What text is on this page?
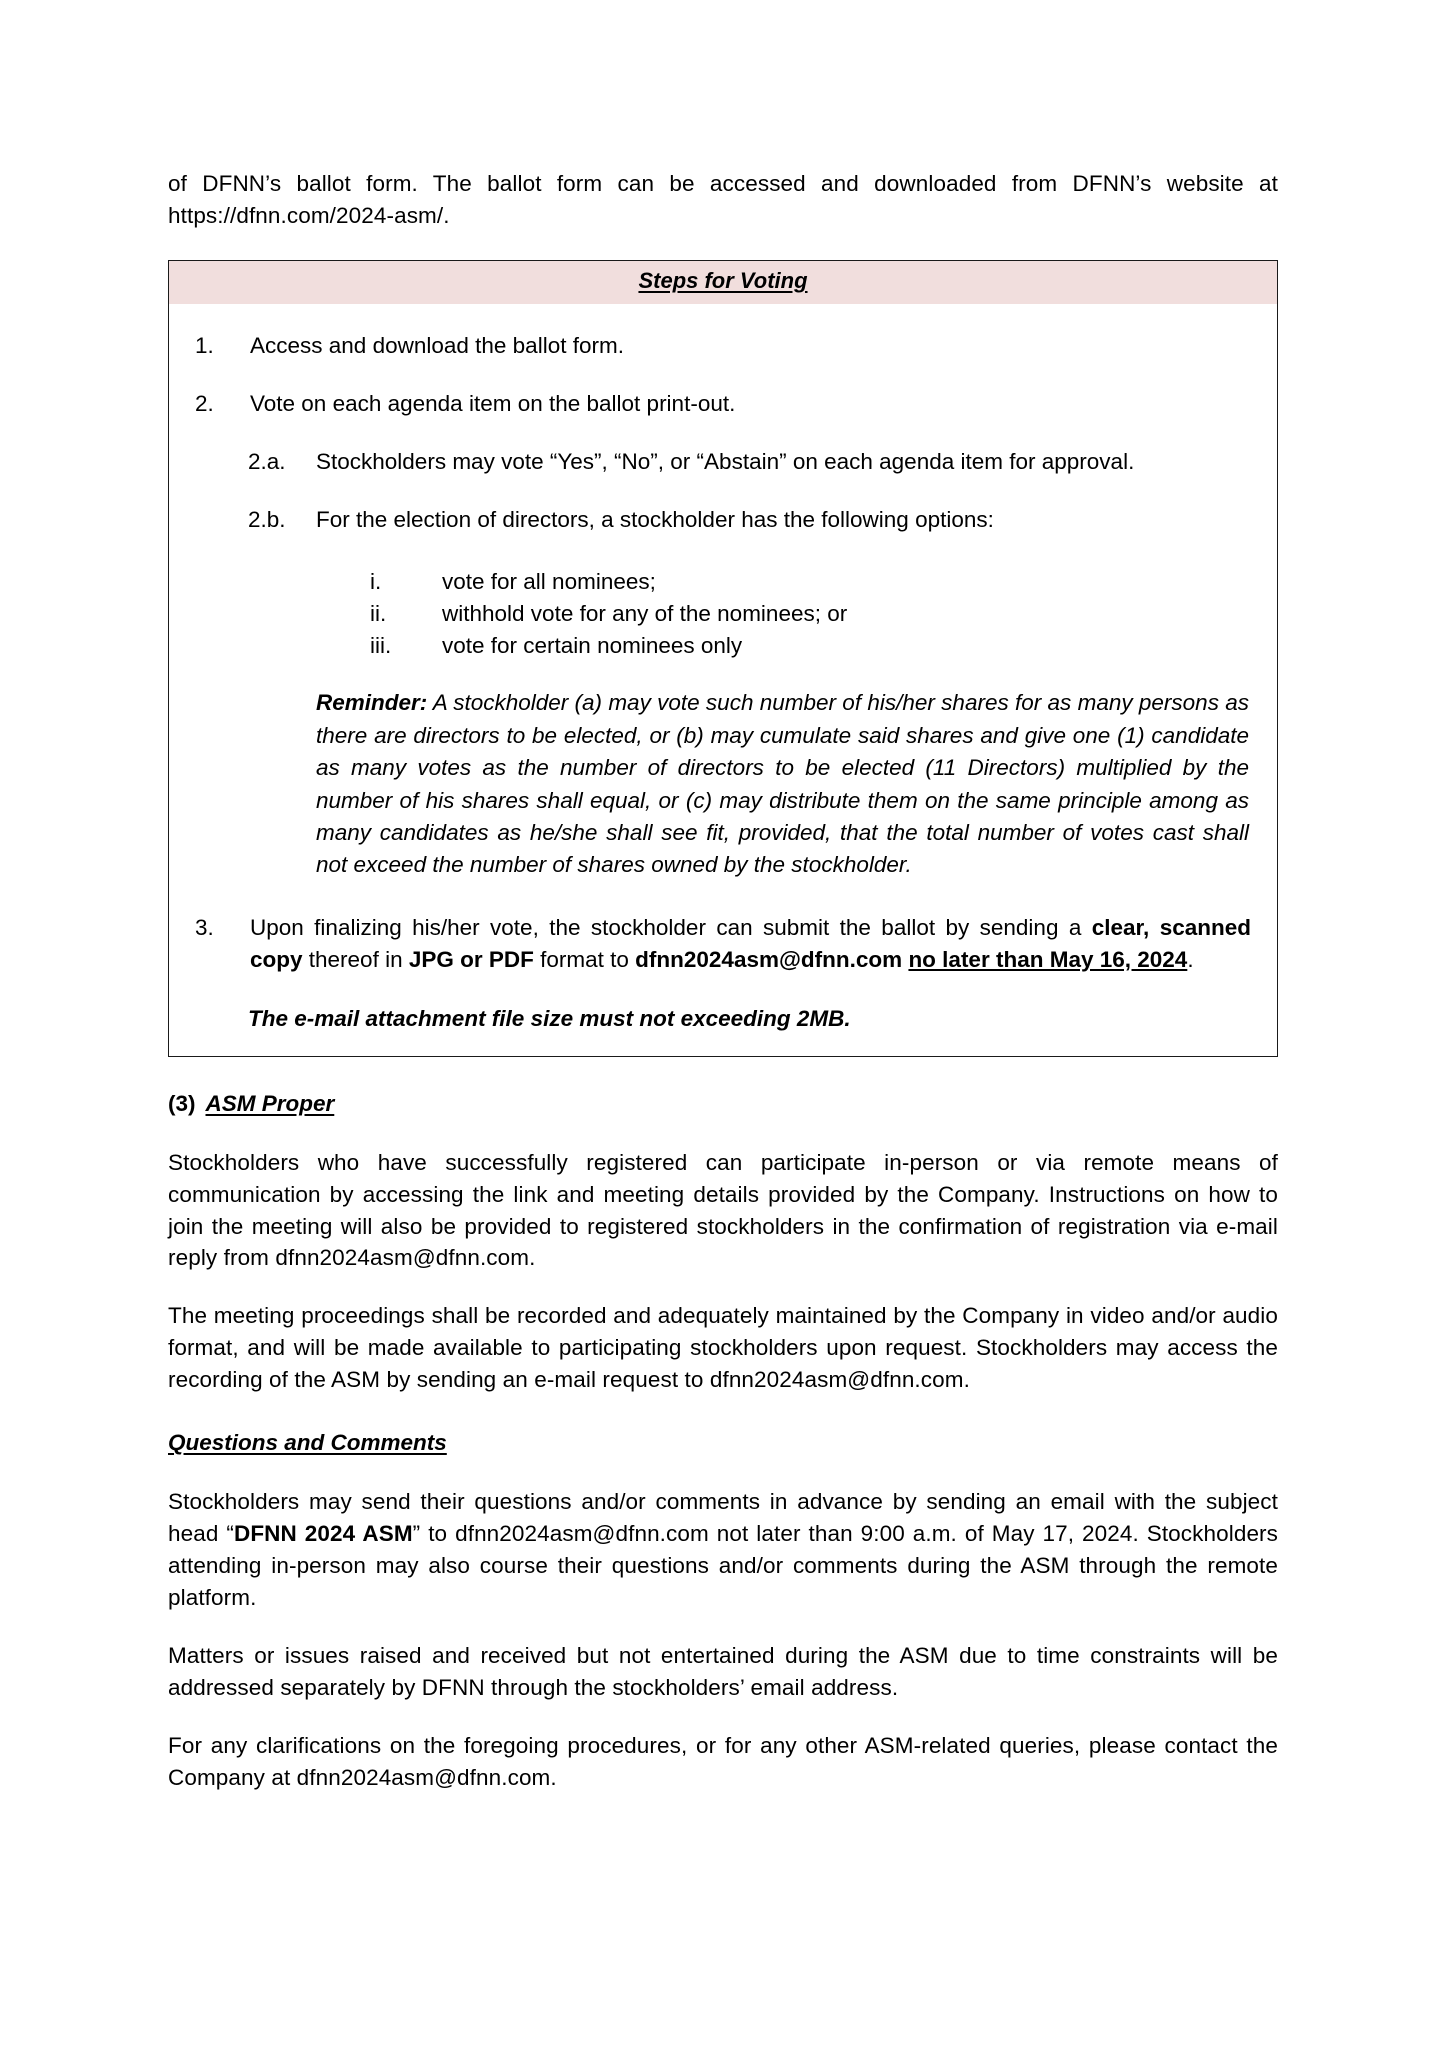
of DFNN’s ballot form. The ballot form can be accessed and downloaded from DFNN’s website at https://dfnn.com/2024-asm/.

Steps for Voting
1.	Access and download the ballot form.
2.	Vote on each agenda item on the ballot print-out.
2.a.	Stockholders may vote “Yes”, “No”, or “Abstain” on each agenda item for approval.
2.b.	For the election of directors, a stockholder has the following options:
i.	vote for all nominees;
ii.	withhold vote for any of the nominees; or
iii.	vote for certain nominees only
Reminder: A stockholder (a) may vote such number of his/her shares for as many persons as there are directors to be elected, or (b) may cumulate said shares and give one (1) candidate as many votes as the number of directors to be elected (11 Directors) multiplied by the number of his shares shall equal, or (c) may distribute them on the same principle among as many candidates as he/she shall see fit, provided, that the total number of votes cast shall not exceed the number of shares owned by the stockholder.
3.	Upon finalizing his/her vote, the stockholder can submit the ballot by sending a clear, scanned copy thereof in JPG or PDF format to dfnn2024asm@dfnn.com no later than May 16, 2024.
The e-mail attachment file size must not exceeding 2MB.
(3) ASM Proper

Stockholders who have successfully registered can participate in-person or via remote means of communication by accessing the link and meeting details provided by the Company. Instructions on how to join the meeting will also be provided to registered stockholders in the confirmation of registration via e-mail reply from dfnn2024asm@dfnn.com.

The meeting proceedings shall be recorded and adequately maintained by the Company in video and/or audio format, and will be made available to participating stockholders upon request. Stockholders may access the recording of the ASM by sending an e-mail request to dfnn2024asm@dfnn.com.

Questions and Comments

Stockholders may send their questions and/or comments in advance by sending an email with the subject head “DFNN 2024 ASM” to dfnn2024asm@dfnn.com not later than 9:00 a.m. of May 17, 2024. Stockholders attending in-person may also course their questions and/or comments during the ASM through the remote platform.

Matters or issues raised and received but not entertained during the ASM due to time constraints will be addressed separately by DFNN through the stockholders’ email address.

For any clarifications on the foregoing procedures, or for any other ASM-related queries, please contact the Company at dfnn2024asm@dfnn.com.
